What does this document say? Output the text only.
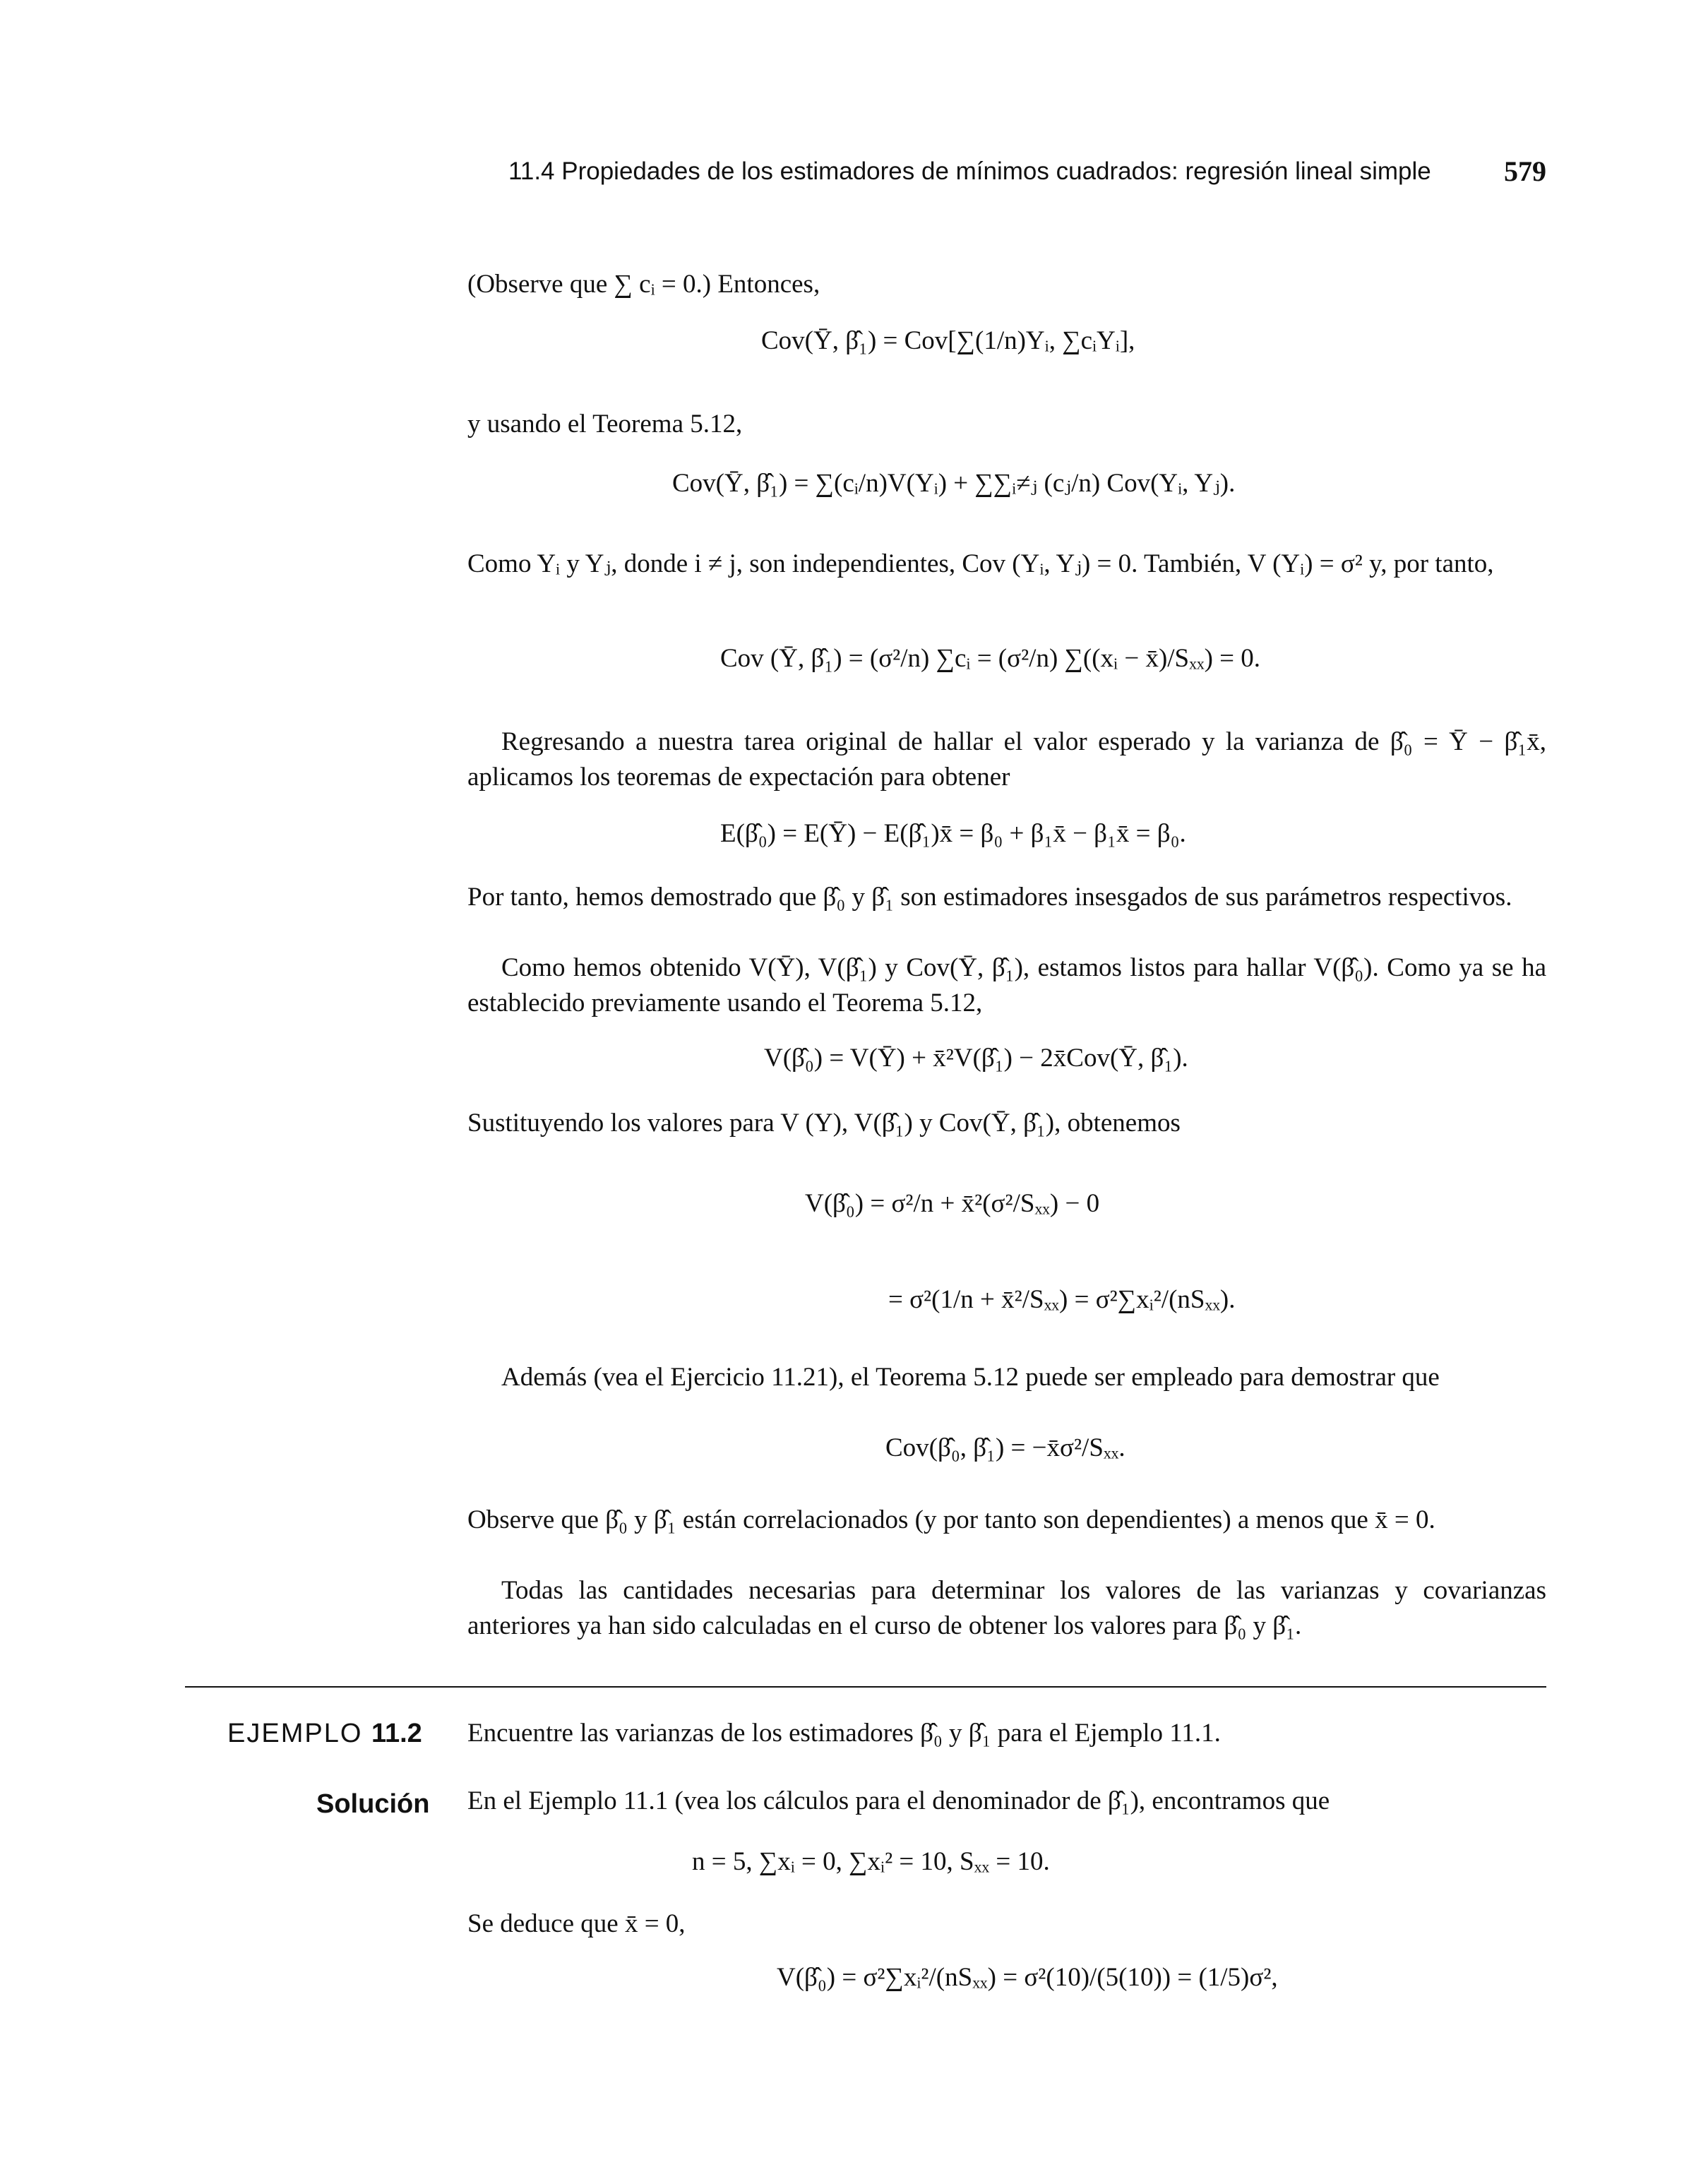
11.4 Propiedades de los estimadores de mínimos cuadrados: regresión lineal simple	579
(Observe que ∑ cᵢ = 0.) Entonces,
Cov(Ȳ, β̂₁) = Cov[∑(1/n)Yᵢ, ∑cᵢYᵢ],
y usando el Teorema 5.12,
Cov(Ȳ, β̂₁) = ∑(cᵢ/n)V(Yᵢ) + ∑∑ᵢ≠ⱼ (cⱼ/n) Cov(Yᵢ, Yⱼ).
Como Yᵢ y Yⱼ, donde i ≠ j, son independientes, Cov (Yᵢ, Yⱼ) = 0. También, V (Yᵢ) = σ² y, por tanto,
Cov (Ȳ, β̂₁) = (σ²/n) ∑cᵢ = (σ²/n) ∑((xᵢ − x̄)/Sₓₓ) = 0.
Regresando a nuestra tarea original de hallar el valor esperado y la varianza de β̂₀ = Ȳ − β̂₁x̄, aplicamos los teoremas de expectación para obtener
E(β̂₀) = E(Ȳ) − E(β̂₁)x̄ = β₀ + β₁x̄ − β₁x̄ = β₀.
Por tanto, hemos demostrado que β̂₀ y β̂₁ son estimadores insesgados de sus parámetros respectivos.
Como hemos obtenido V(Ȳ), V(β̂₁) y Cov(Ȳ, β̂₁), estamos listos para hallar V(β̂₀). Como ya se ha establecido previamente usando el Teorema 5.12,
V(β̂₀) = V(Ȳ) + x̄²V(β̂₁) − 2x̄Cov(Ȳ, β̂₁).
Sustituyendo los valores para V (Y), V(β̂₁) y Cov(Ȳ, β̂₁), obtenemos
V(β̂₀) = σ²/n + x̄²(σ²/Sₓₓ) − 0
= σ²(1/n + x̄²/Sₓₓ) = σ²∑xᵢ²/(nSₓₓ).
Además (vea el Ejercicio 11.21), el Teorema 5.12 puede ser empleado para demostrar que
Cov(β̂₀, β̂₁) = −x̄σ²/Sₓₓ.
Observe que β̂₀ y β̂₁ están correlacionados (y por tanto son dependientes) a menos que x̄ = 0.
Todas las cantidades necesarias para determinar los valores de las varianzas y covarianzas anteriores ya han sido calculadas en el curso de obtener los valores para β̂₀ y β̂₁.
EJEMPLO 11.2 Encuentre las varianzas de los estimadores β̂₀ y β̂₁ para el Ejemplo 11.1.
Solución En el Ejemplo 11.1 (vea los cálculos para el denominador de β̂₁), encontramos que
n = 5, ∑xᵢ = 0, ∑xᵢ² = 10, Sₓₓ = 10.
Se deduce que x̄ = 0,
V(β̂₀) = σ²∑xᵢ²/(nSₓₓ) = σ²(10)/(5(10)) = (1/5)σ²,
